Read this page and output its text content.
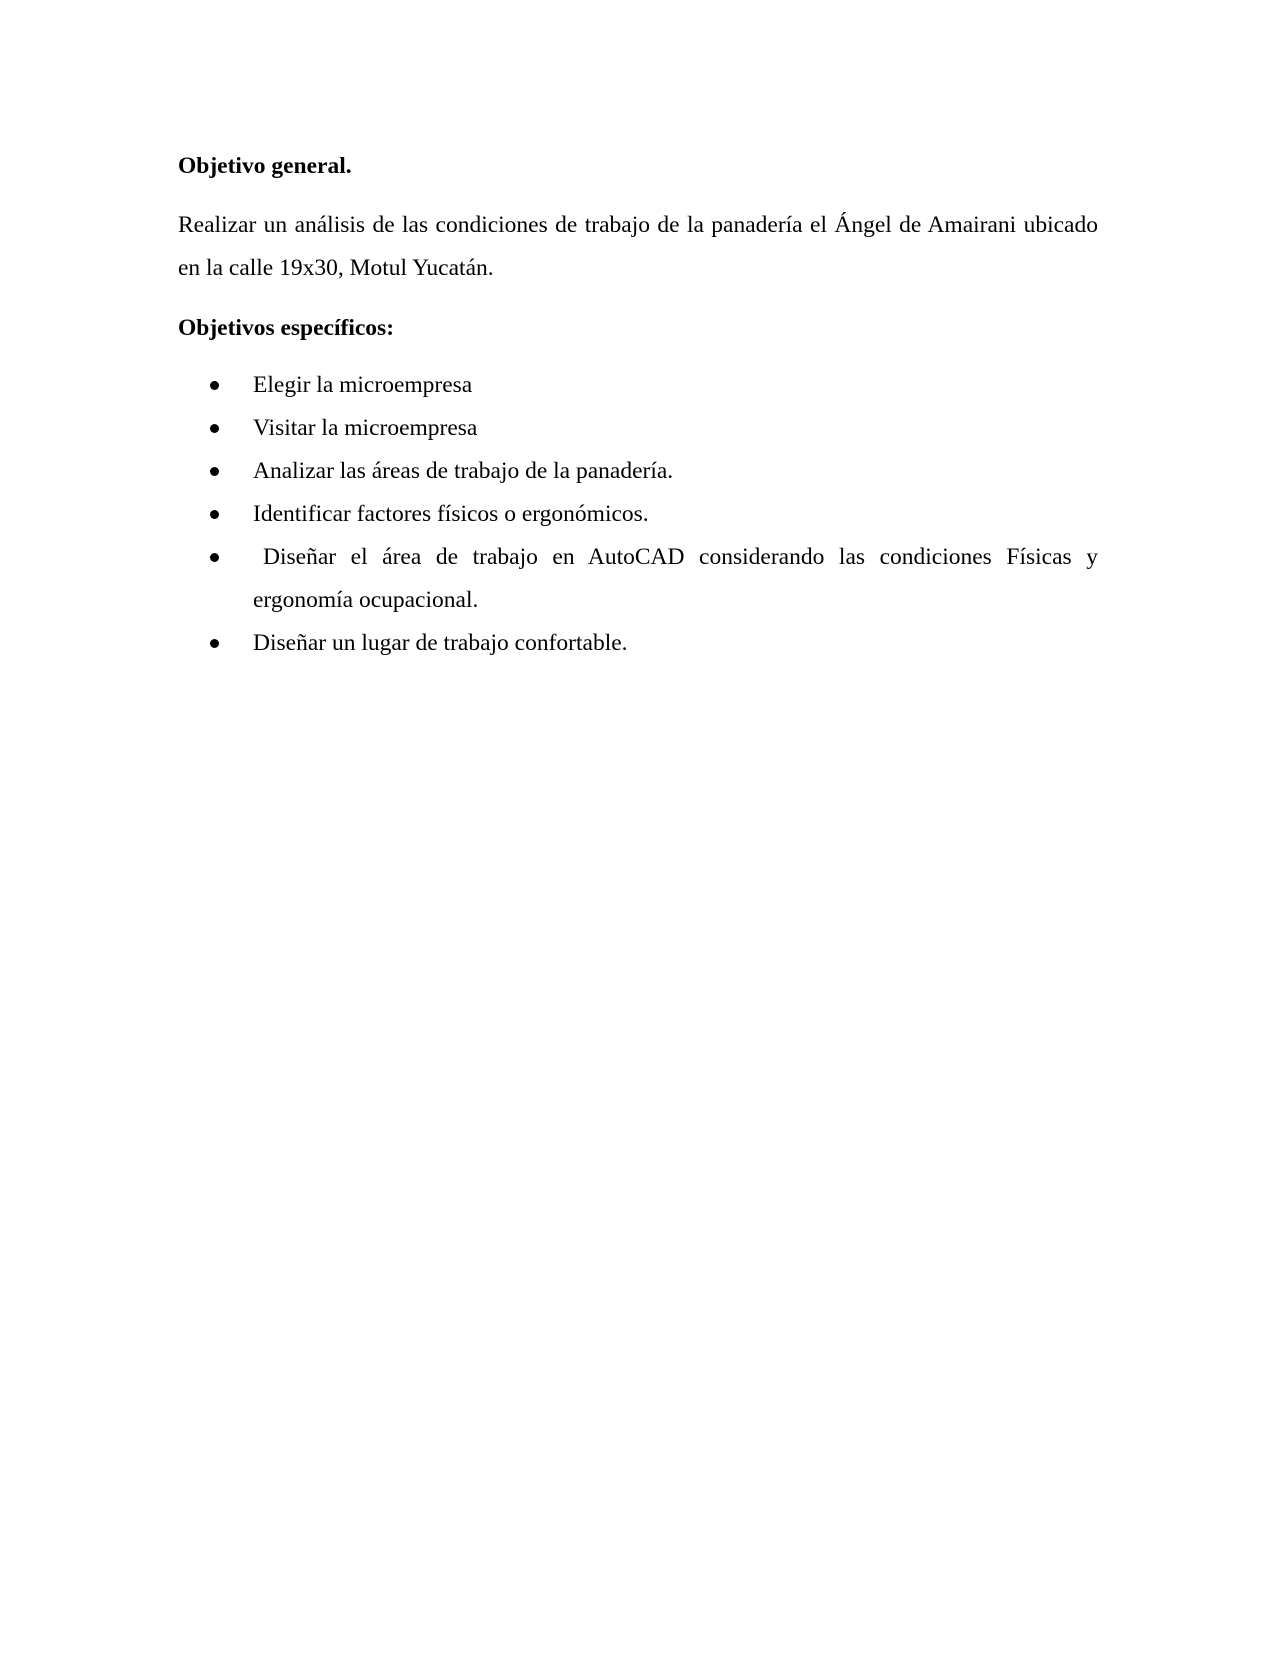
Objetivo general.

Realizar un análisis de las condiciones de trabajo de la panadería el Ángel de Amairani ubicado en la calle 19x30, Motul Yucatán.

Objetivos específicos:

Elegir la microempresa
Visitar la microempresa
Analizar las áreas de trabajo de la panadería.
Identificar factores físicos o ergonómicos.
Diseñar el área de trabajo en AutoCAD considerando las condiciones Físicas y ergonomía ocupacional.
Diseñar un lugar de trabajo confortable.
